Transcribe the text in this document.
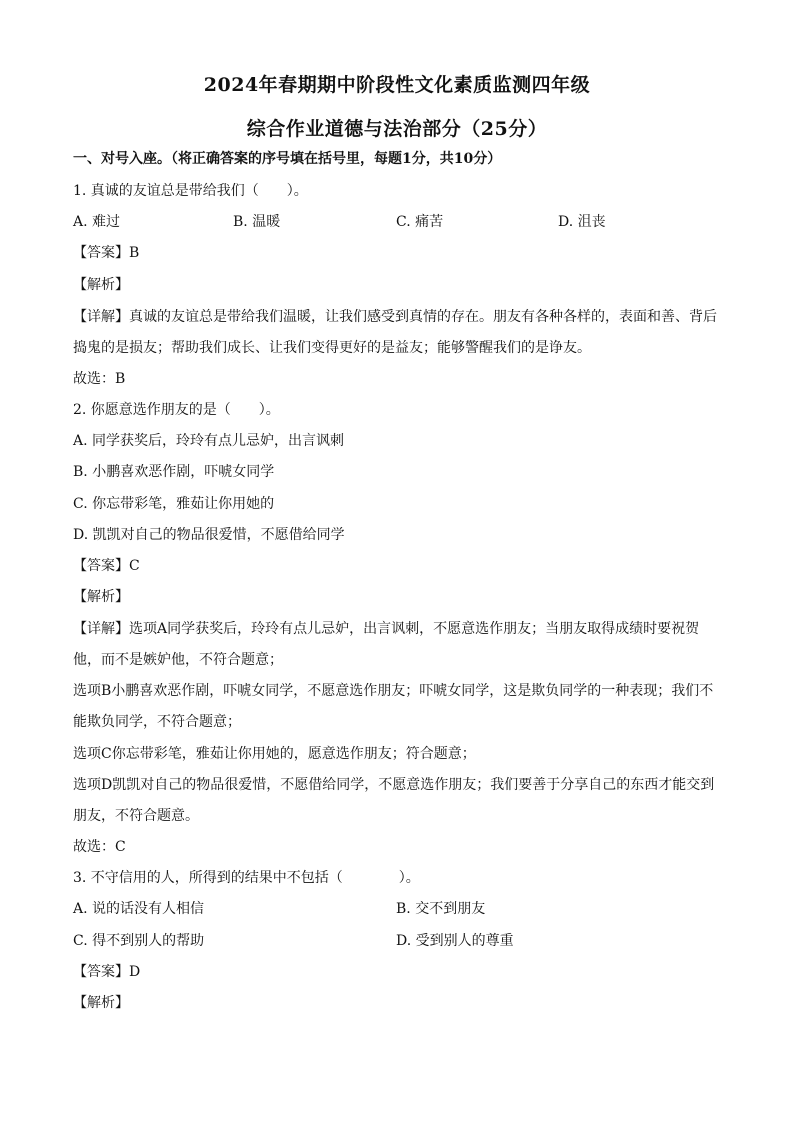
2024年春期期中阶段性文化素质监测四年级
综合作业道德与法治部分（25分）
一、对号入座。（将正确答案的序号填在括号里，每题1分，共10分）
1. 真诚的友谊总是带给我们（　　）。
A. 难过	B. 温暖	C. 痛苦	D. 沮丧
【答案】B
【解析】
【详解】真诚的友谊总是带给我们温暖，让我们感受到真情的存在。朋友有各种各样的，表面和善、背后
捣鬼的是损友；帮助我们成长、让我们变得更好的是益友；能够警醒我们的是诤友。
故选：B
2. 你愿意选作朋友的是（　　）。
A. 同学获奖后，玲玲有点儿忌妒，出言讽刺
B. 小鹏喜欢恶作剧，吓唬女同学
C. 你忘带彩笔，雅茹让你用她的
D. 凯凯对自己的物品很爱惜，不愿借给同学
【答案】C
【解析】
【详解】选项A同学获奖后，玲玲有点儿忌妒，出言讽刺，不愿意选作朋友；当朋友取得成绩时要祝贺
他，而不是嫉妒他，不符合题意；
选项B小鹏喜欢恶作剧，吓唬女同学，不愿意选作朋友；吓唬女同学，这是欺负同学的一种表现；我们不
能欺负同学，不符合题意；
选项C你忘带彩笔，雅茹让你用她的，愿意选作朋友；符合题意；
选项D凯凯对自己的物品很爱惜，不愿借给同学，不愿意选作朋友；我们要善于分享自己的东西才能交到
朋友，不符合题意。
故选：C
3. 不守信用的人，所得到的结果中不包括（　　　　）。
A. 说的话没有人相信	B. 交不到朋友
C. 得不到别人的帮助	D. 受到别人的尊重
【答案】D
【解析】
